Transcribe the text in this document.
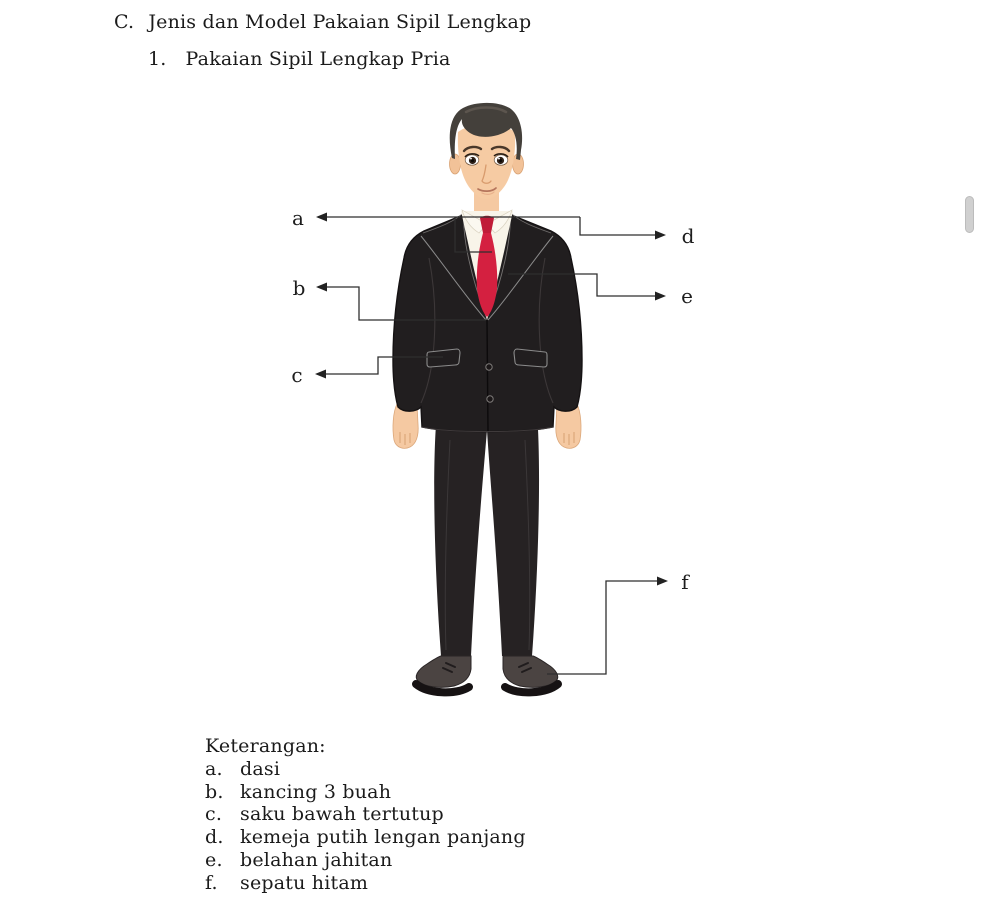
C. Jenis dan Model Pakaian Sipil Lengkap
1. Pakaian Sipil Lengkap Pria
a
b
c
d
e
f
Keterangan:
a. dasi
b. kancing 3 buah
c. saku bawah tertutup
d. kemeja putih lengan panjang
e. belahan jahitan
f.	sepatu hitam
